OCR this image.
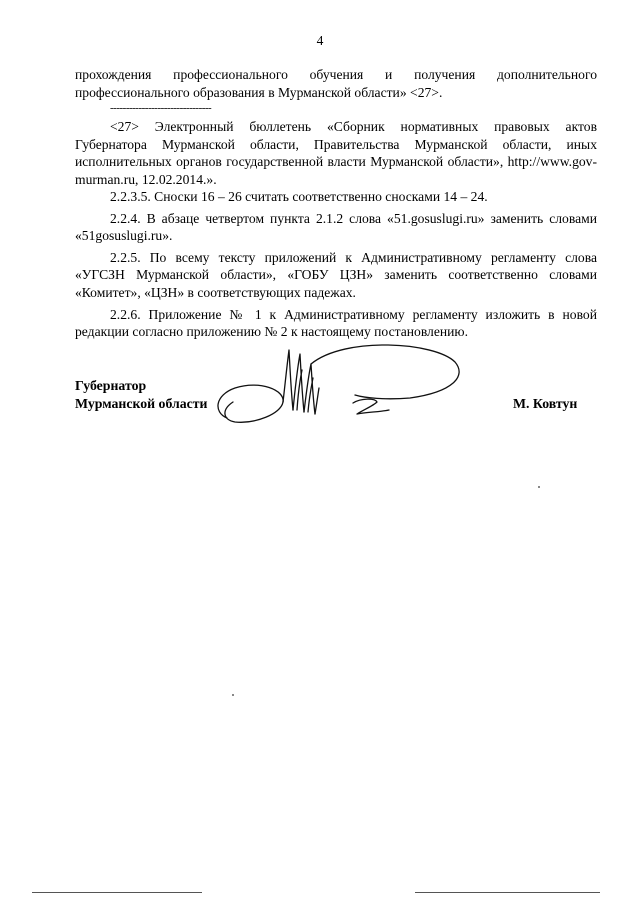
4

прохождения профессионального обучения и получения дополнительного профессионального образования в Мурманской области» <27>.

--------------------------------

<27> Электронный бюллетень «Сборник нормативных правовых актов Губернатора Мурманской области, Правительства Мурманской области, иных исполнительных органов государственной власти Мурманской области», http://www.gov-murman.ru, 12.02.2014.».

2.2.3.5. Сноски 16 – 26 считать соответственно сносками 14 – 24.

2.2.4. В абзаце четвертом пункта 2.1.2 слова «51.gosuslugi.ru» заменить словами «51gosuslugi.ru».

2.2.5. По всему тексту приложений к Административному регламенту слова «УГСЗН Мурманской области», «ГОБУ ЦЗН» заменить соответственно словами «Комитет», «ЦЗН» в соответствующих падежах.

2.2.6. Приложение № 1 к Административному регламенту изложить в новой редакции согласно приложению № 2 к настоящему постановлению.

Губернатор
Мурманской области	М. Ковтун
